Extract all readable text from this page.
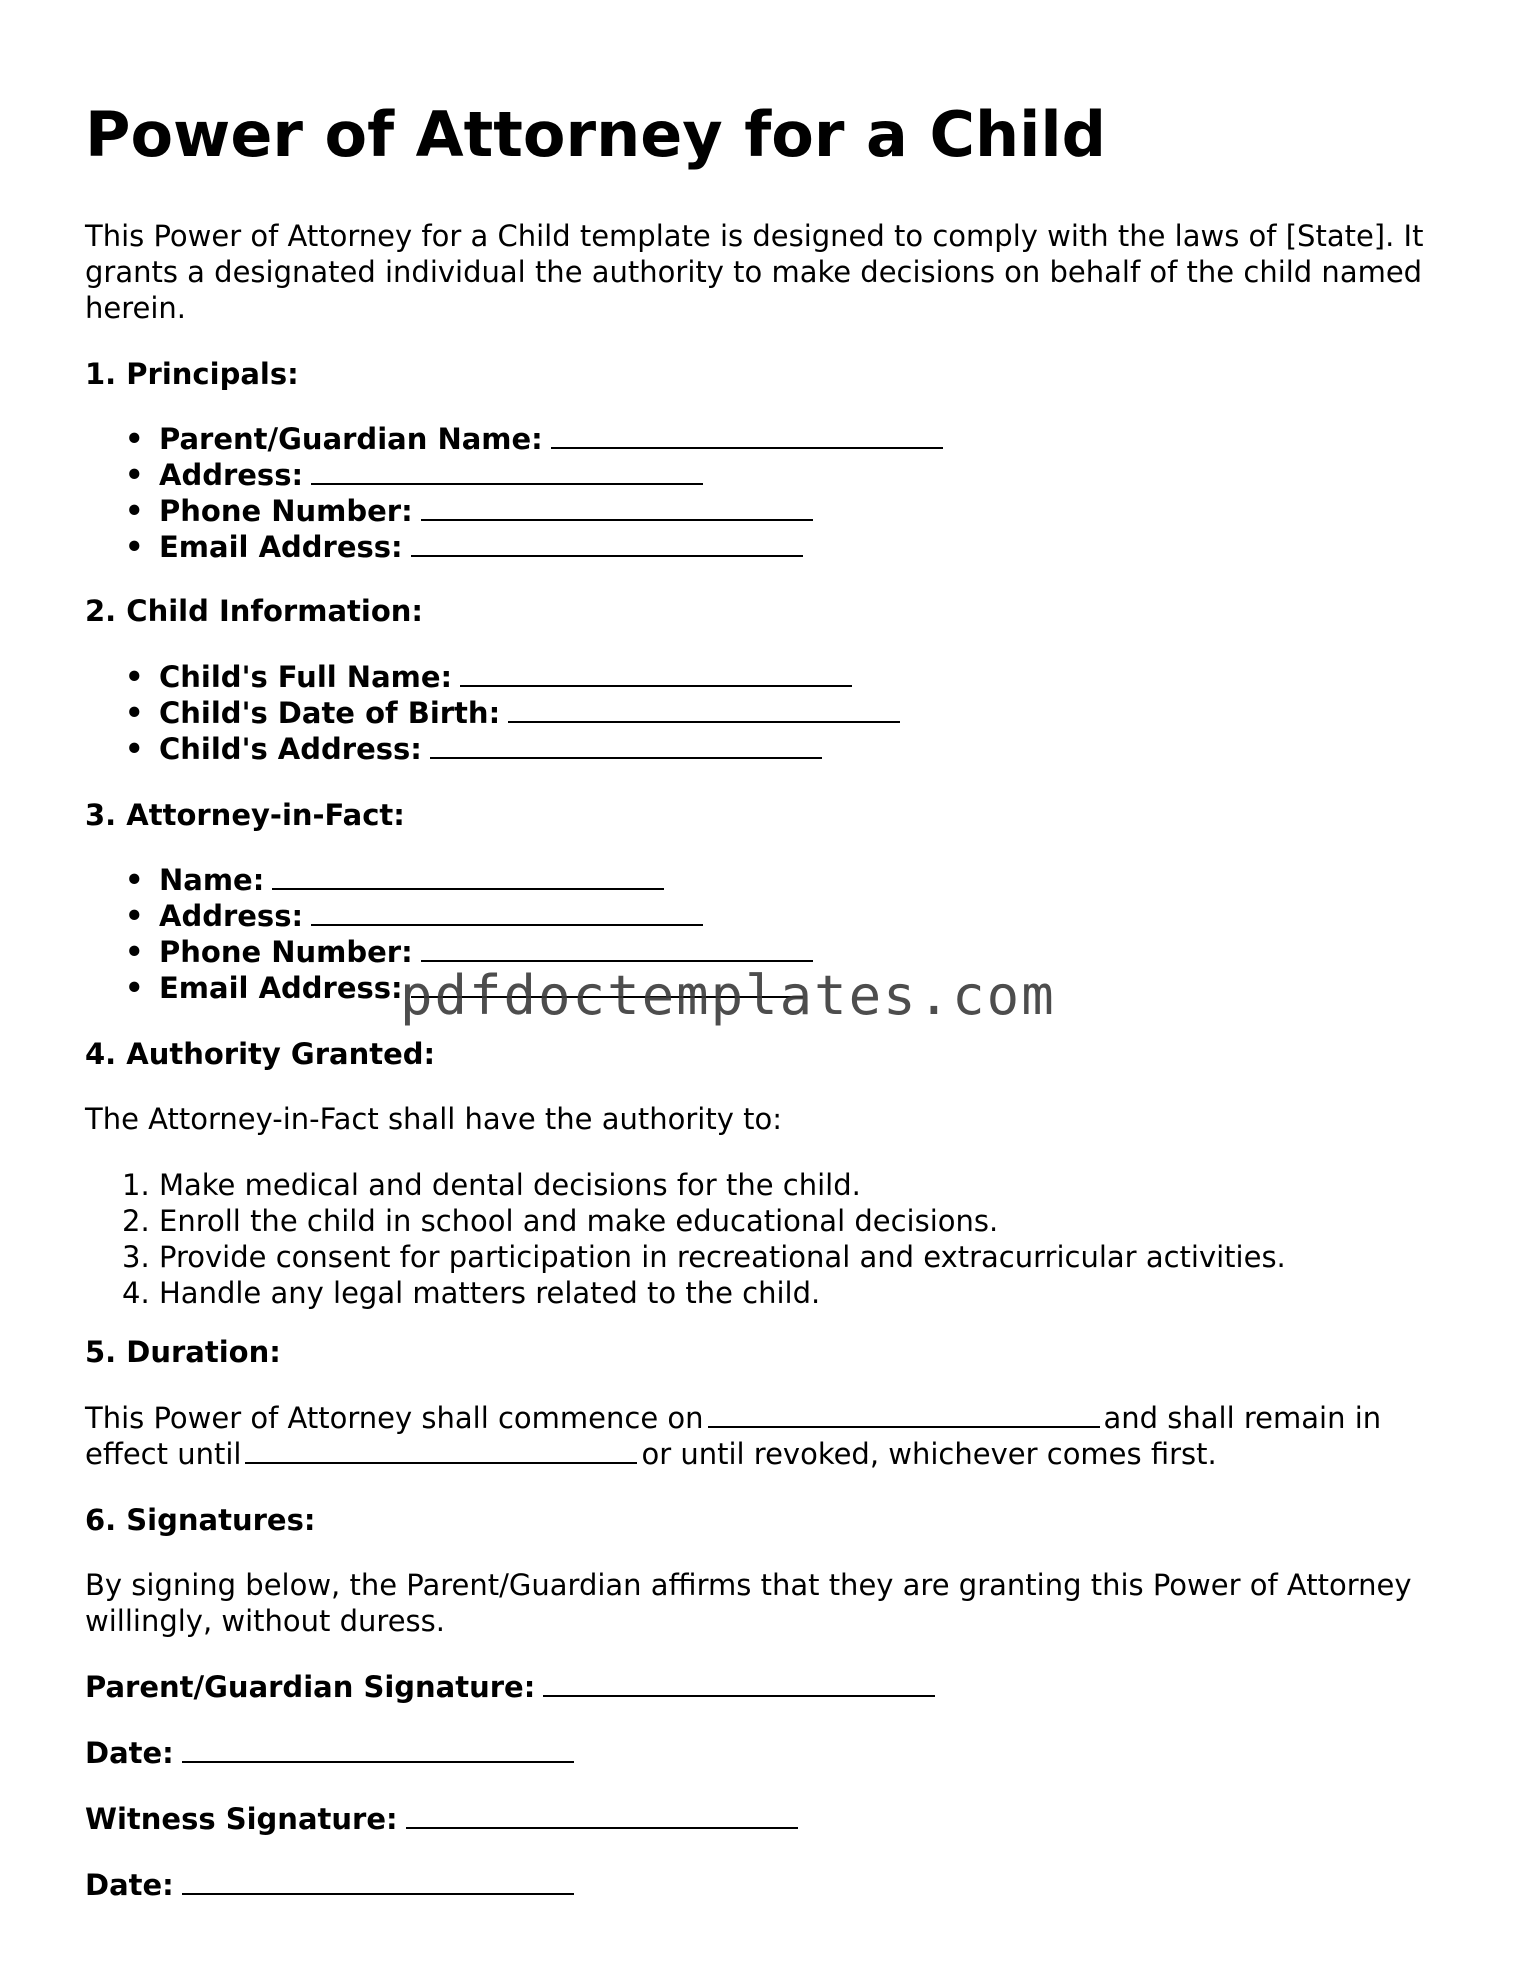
Power of Attorney for a Child

This Power of Attorney for a Child template is designed to comply with the laws of [State]. It grants a designated individual the authority to make decisions on behalf of the child named herein.

1. Principals:
• Parent/Guardian Name:
• Address:
• Phone Number:
• Email Address:
2. Child Information:
• Child's Full Name:
• Child's Date of Birth:
• Child's Address:
3. Attorney-in-Fact:
• Name:
• Address:
• Phone Number:
• Email Address:
4. Authority Granted:

The Attorney-in-Fact shall have the authority to:

1. Make medical and dental decisions for the child.
2. Enroll the child in school and make educational decisions.
3. Provide consent for participation in recreational and extracurricular activities.
4. Handle any legal matters related to the child.
5. Duration:

This Power of Attorney shall commence on	and shall remain in effect until	or until revoked, whichever comes first.

6. Signatures:

By signing below, the Parent/Guardian affirms that they are granting this Power of Attorney willingly, without duress.

Parent/Guardian Signature:
Date:
Witness Signature:
Date:
pdfdoctemplates.com
